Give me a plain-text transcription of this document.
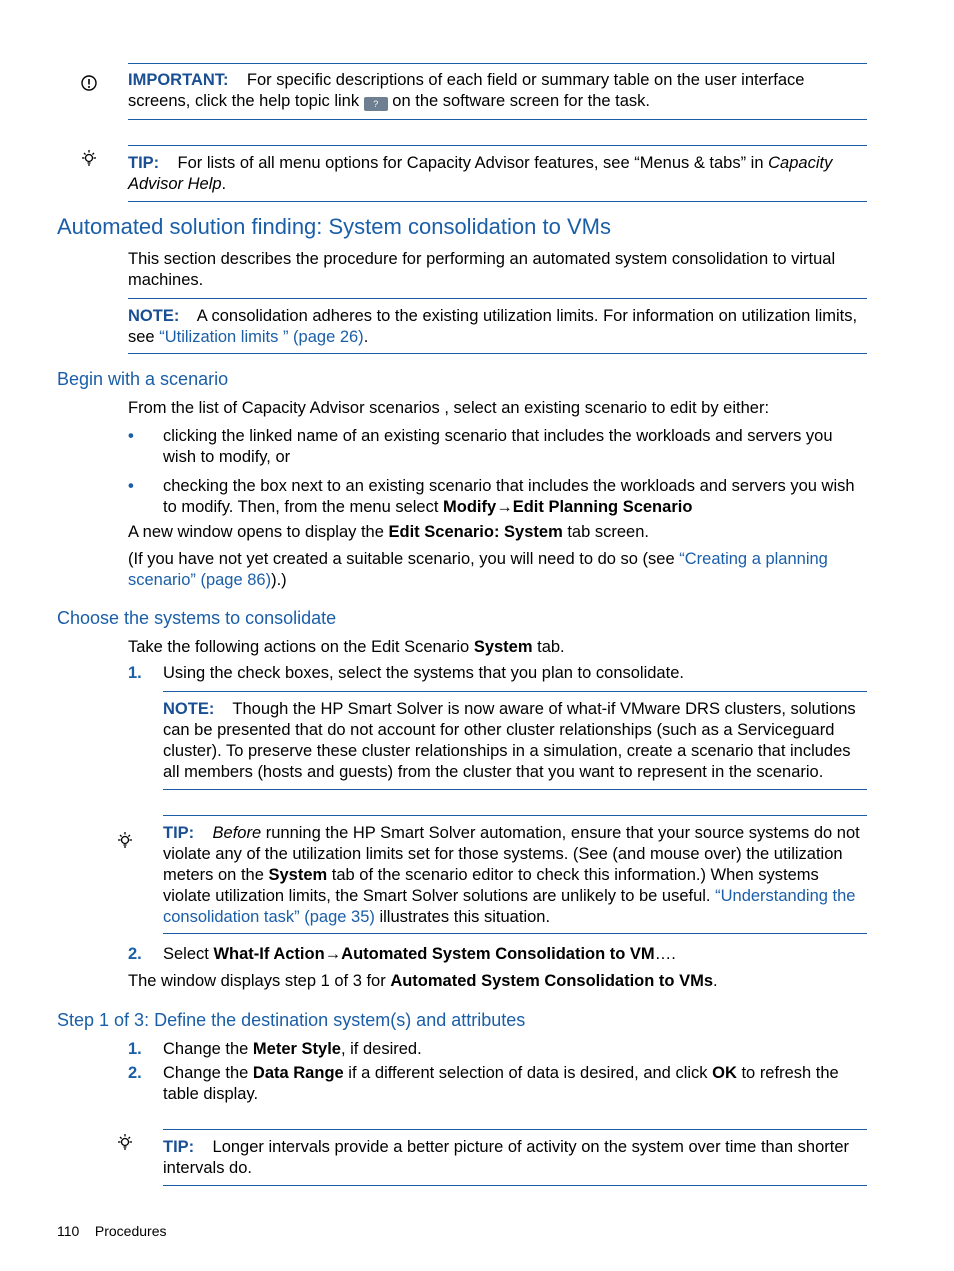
IMPORTANT: For specific descriptions of each field or summary table on the user interface screens, click the help topic link ? on the software screen for the task.

TIP: For lists of all menu options for Capacity Advisor features, see “Menus & tabs” in Capacity Advisor Help.

Automated solution finding: System consolidation to VMs

This section describes the procedure for performing an automated system consolidation to virtual machines.

NOTE: A consolidation adheres to the existing utilization limits. For information on utilization limits, see “Utilization limits ” (page 26).

Begin with a scenario

From the list of Capacity Advisor scenarios , select an existing scenario to edit by either:

• clicking the linked name of an existing scenario that includes the workloads and servers you wish to modify, or

• checking the box next to an existing scenario that includes the workloads and servers you wish to modify. Then, from the menu select Modify→Edit Planning Scenario

A new window opens to display the Edit Scenario: System tab screen.

(If you have not yet created a suitable scenario, you will need to do so (see “Creating a planning scenario” (page 86)).)

Choose the systems to consolidate

Take the following actions on the Edit Scenario System tab.

1. Using the check boxes, select the systems that you plan to consolidate.

NOTE: Though the HP Smart Solver is now aware of what-if VMware DRS clusters, solutions can be presented that do not account for other cluster relationships (such as a Serviceguard cluster). To preserve these cluster relationships in a simulation, create a scenario that includes all members (hosts and guests) from the cluster that you want to represent in the scenario.

TIP: Before running the HP Smart Solver automation, ensure that your source systems do not violate any of the utilization limits set for those systems. (See (and mouse over) the utilization meters on the System tab of the scenario editor to check this information.) When systems violate utilization limits, the Smart Solver solutions are unlikely to be useful. “Understanding the consolidation task” (page 35) illustrates this situation.

2. Select What-If Action→Automated System Consolidation to VM….

The window displays step 1 of 3 for Automated System Consolidation to VMs.

Step 1 of 3: Define the destination system(s) and attributes
1. Change the Meter Style, if desired.

2. Change the Data Range if a different selection of data is desired, and click OK to refresh the table display.

TIP: Longer intervals provide a better picture of activity on the system over time than shorter intervals do.

110 Procedures
